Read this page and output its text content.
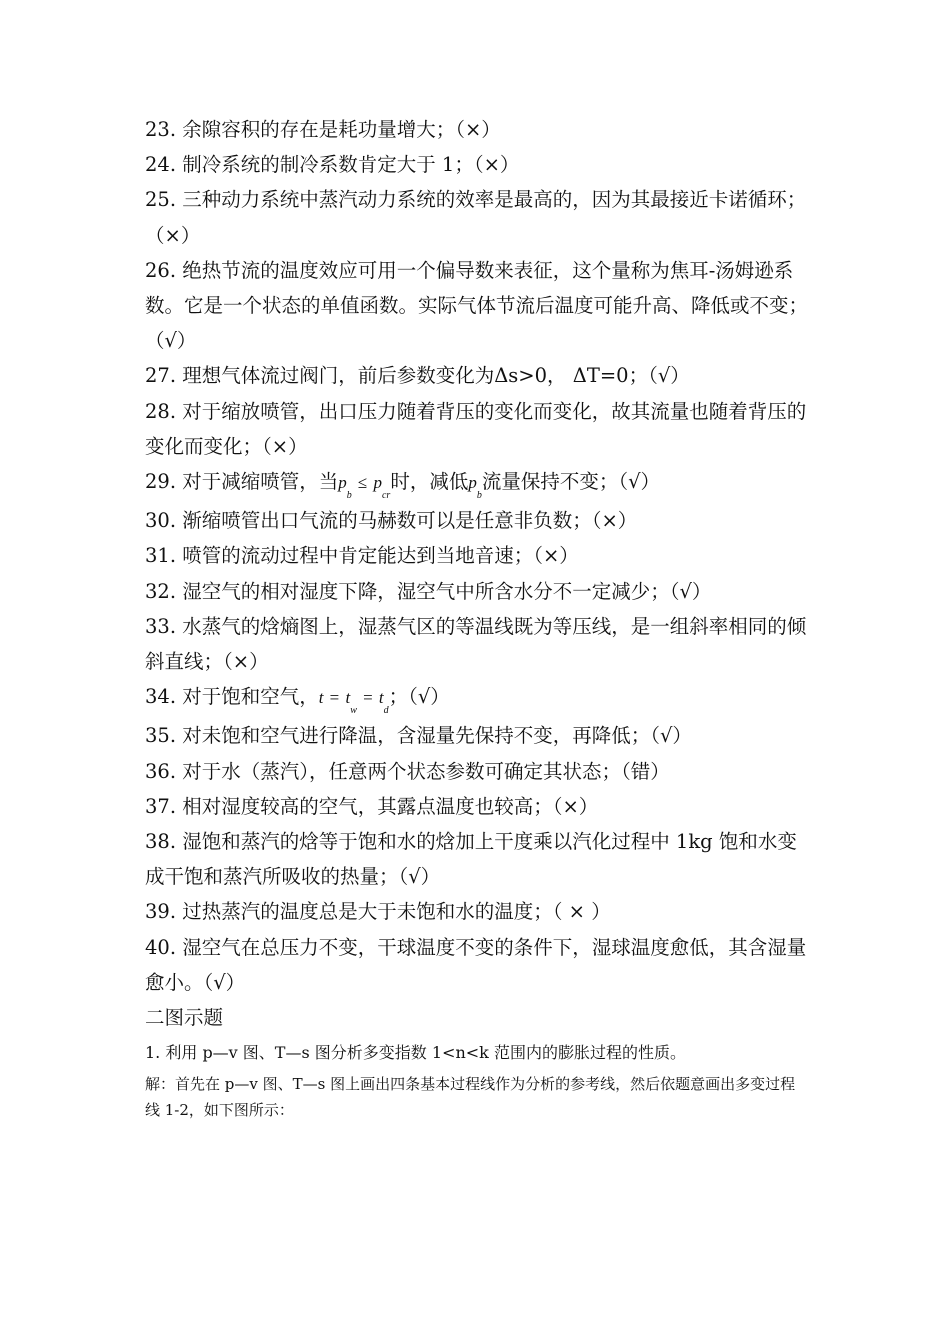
23. 余隙容积的存在是耗功量增大；（×）

24. 制冷系统的制冷系数肯定大于 1；（×）

25. 三种动力系统中蒸汽动力系统的效率是最高的，因为其最接近卡诺循环；（×）

26. 绝热节流的温度效应可用一个偏导数来表征，这个量称为焦耳-汤姆逊系数。它是一个状态的单值函数。实际气体节流后温度可能升高、降低或不变；（√）

27. 理想气体流过阀门，前后参数变化为Δs>0， ΔT=0；（√）

28. 对于缩放喷管，出口压力随着背压的变化而变化，故其流量也随着背压的变化而变化；（×）

29. 对于减缩喷管，当$p_b \le p_{cr}$时，减低$p_b$流量保持不变；（√）

30. 渐缩喷管出口气流的马赫数可以是任意非负数；（×）

31. 喷管的流动过程中肯定能达到当地音速；（×）

32. 湿空气的相对湿度下降，湿空气中所含水分不一定减少；（√）

33. 水蒸气的焓熵图上，湿蒸气区的等温线既为等压线，是一组斜率相同的倾斜直线；（×）

34. 对于饱和空气，$t = t_w = t_d$；（√）

35. 对未饱和空气进行降温，含湿量先保持不变，再降低；（√）

36. 对于水（蒸汽），任意两个状态参数可确定其状态；（错）

37. 相对湿度较高的空气，其露点温度也较高；（×）

38. 湿饱和蒸汽的焓等于饱和水的焓加上干度乘以汽化过程中 1kg 饱和水变成干饱和蒸汽所吸收的热量；（√）

39. 过热蒸汽的温度总是大于未饱和水的温度；（ × ）

40. 湿空气在总压力不变，干球温度不变的条件下，湿球温度愈低，其含湿量愈小。（√）

二图示题

1. 利用 p—v 图、T—s 图分析多变指数 1<n<k 范围内的膨胀过程的性质。

解：首先在 p—v 图、T—s 图上画出四条基本过程线作为分析的参考线，然后依题意画出多变过程线 1-2，如下图所示：
